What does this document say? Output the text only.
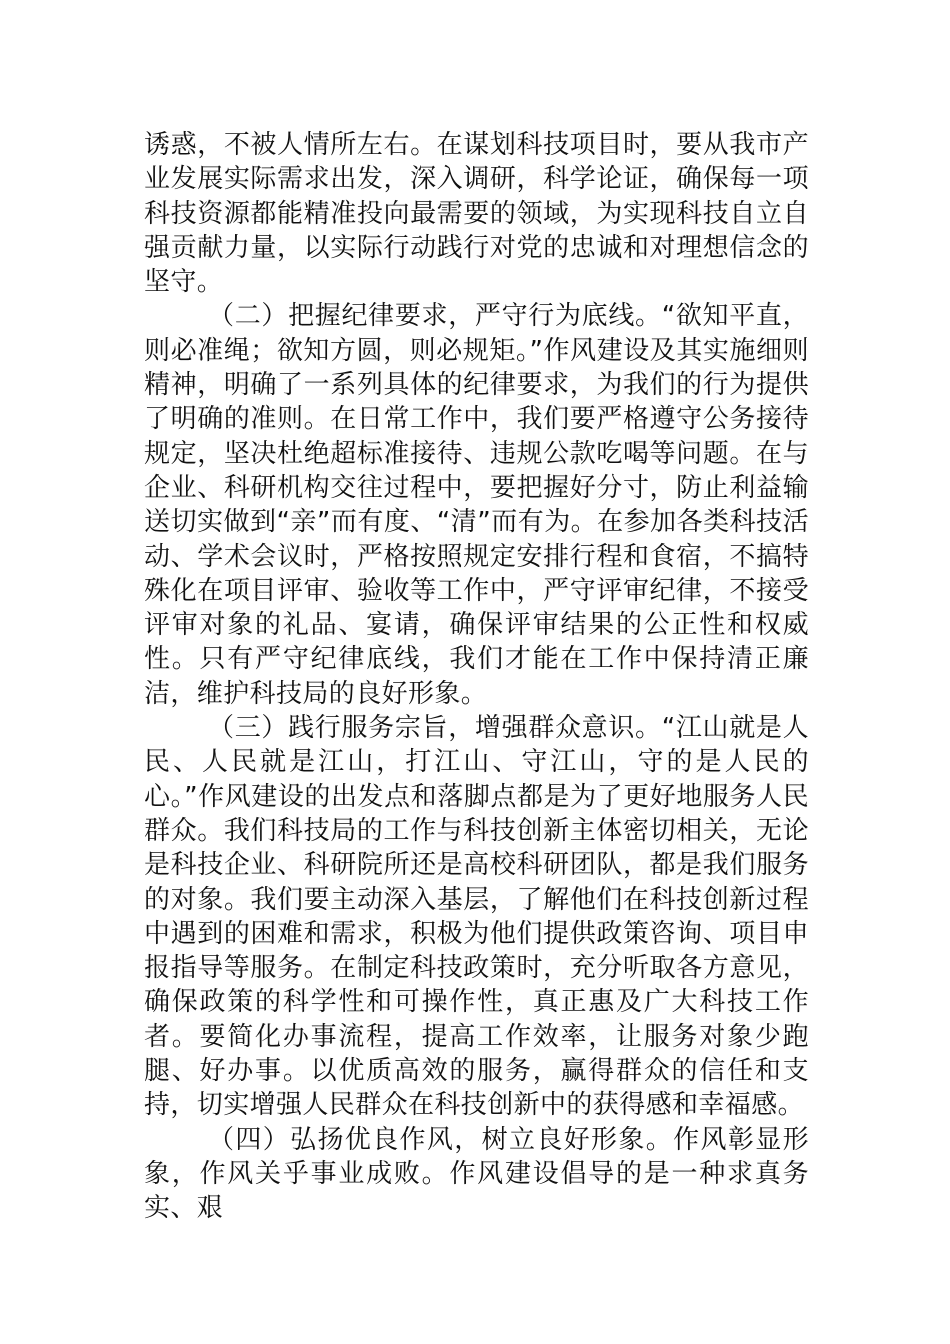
诱惑，不被人情所左右。在谋划科技项目时，要从我市产业发展实际需求出发，深入调研，科学论证，确保每一项科技资源都能精准投向最需要的领域，为实现科技自立自强贡献力量，以实际行动践行对党的忠诚和对理想信念的坚守。

（二）把握纪律要求，严守行为底线。“欲知平直，则必准绳；欲知方圆，则必规矩。”作风建设及其实施细则精神，明确了一系列具体的纪律要求，为我们的行为提供了明确的准则。在日常工作中，我们要严格遵守公务接待规定，坚决杜绝超标准接待、违规公款吃喝等问题。在与企业、科研机构交往过程中，要把握好分寸，防止利益输送切实做到“亲”而有度、“清”而有为。在参加各类科技活动、学术会议时，严格按照规定安排行程和食宿，不搞特殊化在项目评审、验收等工作中，严守评审纪律，不接受评审对象的礼品、宴请，确保评审结果的公正性和权威性。只有严守纪律底线，我们才能在工作中保持清正廉洁，维护科技局的良好形象。

（三）践行服务宗旨，增强群众意识。“江山就是人民、人民就是江山，打江山、守江山，守的是人民的心。”作风建设的出发点和落脚点都是为了更好地服务人民群众。我们科技局的工作与科技创新主体密切相关，无论是科技企业、科研院所还是高校科研团队，都是我们服务的对象。我们要主动深入基层，了解他们在科技创新过程中遇到的困难和需求，积极为他们提供政策咨询、项目申报指导等服务。在制定科技政策时，充分听取各方意见，确保政策的科学性和可操作性，真正惠及广大科技工作者。要简化办事流程，提高工作效率，让服务对象少跑腿、好办事。以优质高效的服务，赢得群众的信任和支持，切实增强人民群众在科技创新中的获得感和幸福感。

（四）弘扬优良作风，树立良好形象。作风彰显形象，作风关乎事业成败。作风建设倡导的是一种求真务实、艰
